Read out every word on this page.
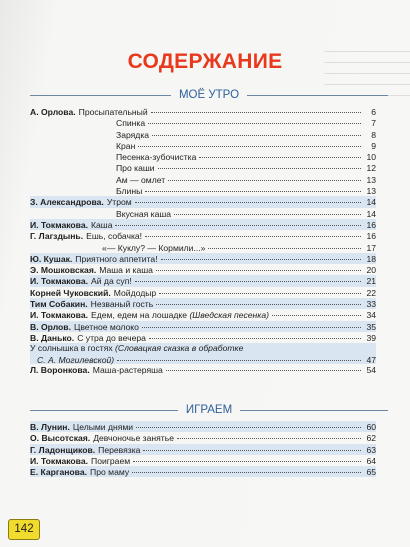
СОДЕРЖАНИЕ
МОЁ УТРО
А. Орлова. Просыпательный	6
Спинка	7
Зарядка	8
Кран	9
Песенка-зубочистка	10
Про каши	12
Ам — омлет	13
Блины	13
З. Александрова. Утром	14
Вкусная каша	14
И. Токмакова. Каша	16
Г. Лагздынь. Ешь, собачка!	16
«— Куклу? — Кормили...»	17
Ю. Кушак. Приятного аппетита!	18
Э. Мошковская. Маша и каша	20
И. Токмакова. Ай да суп!	21
Корней Чуковский. Мойдодыр	22
Тим Собакин. Незваный гость	33
И. Токмакова. Едем, едем на лошадке (Шведская песенка)	34
В. Орлов. Цветное молоко	35
В. Данько. С утра до вечера	39
У солнышка в гостях (Словацкая сказка в обработке
С. А. Могилевской)	47
Л. Воронкова. Маша-растеряша	54
ИГРАЕМ
В. Лунин. Целыми днями	60
О. Высотская. Девчоночье занятье	62
Г. Ладонщиков. Перевязка	63
И. Токмакова. Поиграем	64
Е. Карганова. Про маму	65
142
